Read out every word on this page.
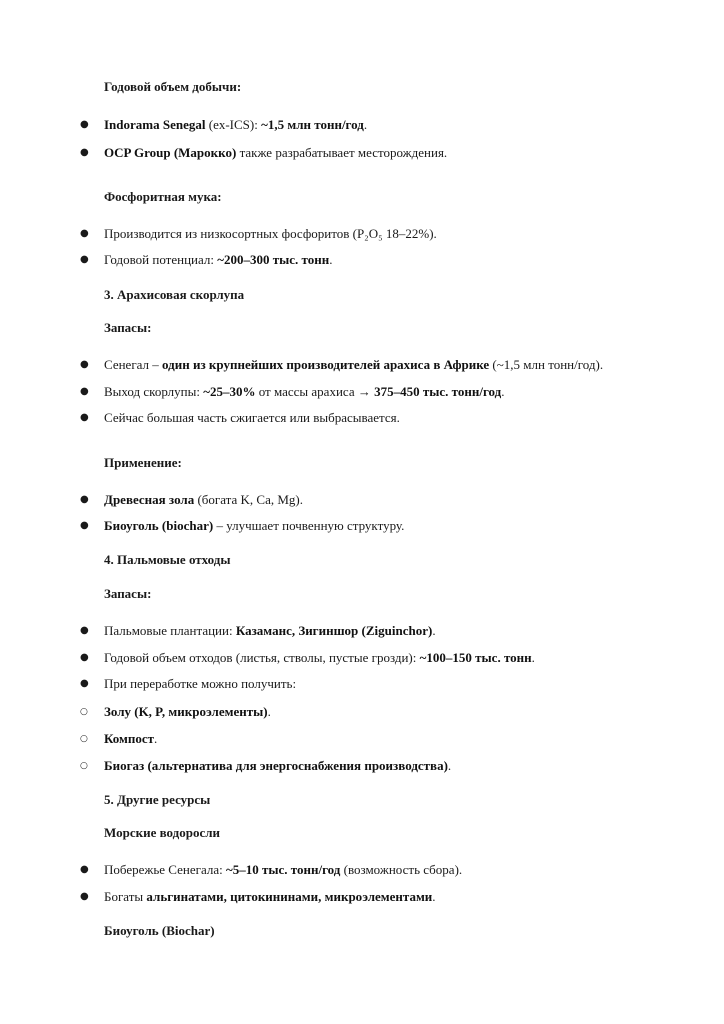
Годовой объем добычи:
● Indorama Senegal (ex-ICS): ~1,5 млн тонн/год.
● OCP Group (Марокко) также разрабатывает месторождения.
Фосфоритная мука:
● Производится из низкосортных фосфоритов (P₂O₅ 18–22%).
● Годовой потенциал: ~200–300 тыс. тонн.
3. Арахисовая скорлупа
Запасы:
● Сенегал – один из крупнейших производителей арахиса в Африке (~1,5 млн тонн/год).
● Выход скорлупы: ~25–30% от массы арахиса → 375–450 тыс. тонн/год.
● Сейчас большая часть сжигается или выбрасывается.
Применение:
● Древесная зола (богата K, Ca, Mg).
● Биоуголь (biochar) – улучшает почвенную структуру.
4. Пальмовые отходы
Запасы:
● Пальмовые плантации: Казаманс, Зигиншор (Ziguinchor).
● Годовой объем отходов (листья, стволы, пустые грозди): ~100–150 тыс. тонн.
● При переработке можно получить:
○ Золу (K, P, микроэлементы).
○ Компост.
○ Биогаз (альтернатива для энергоснабжения производства).
5. Другие ресурсы
Морские водоросли
● Побережье Сенегала: ~5–10 тыс. тонн/год (возможность сбора).
● Богаты альгинатами, цитокининами, микроэлементами.
Биоуголь (Biochar)
